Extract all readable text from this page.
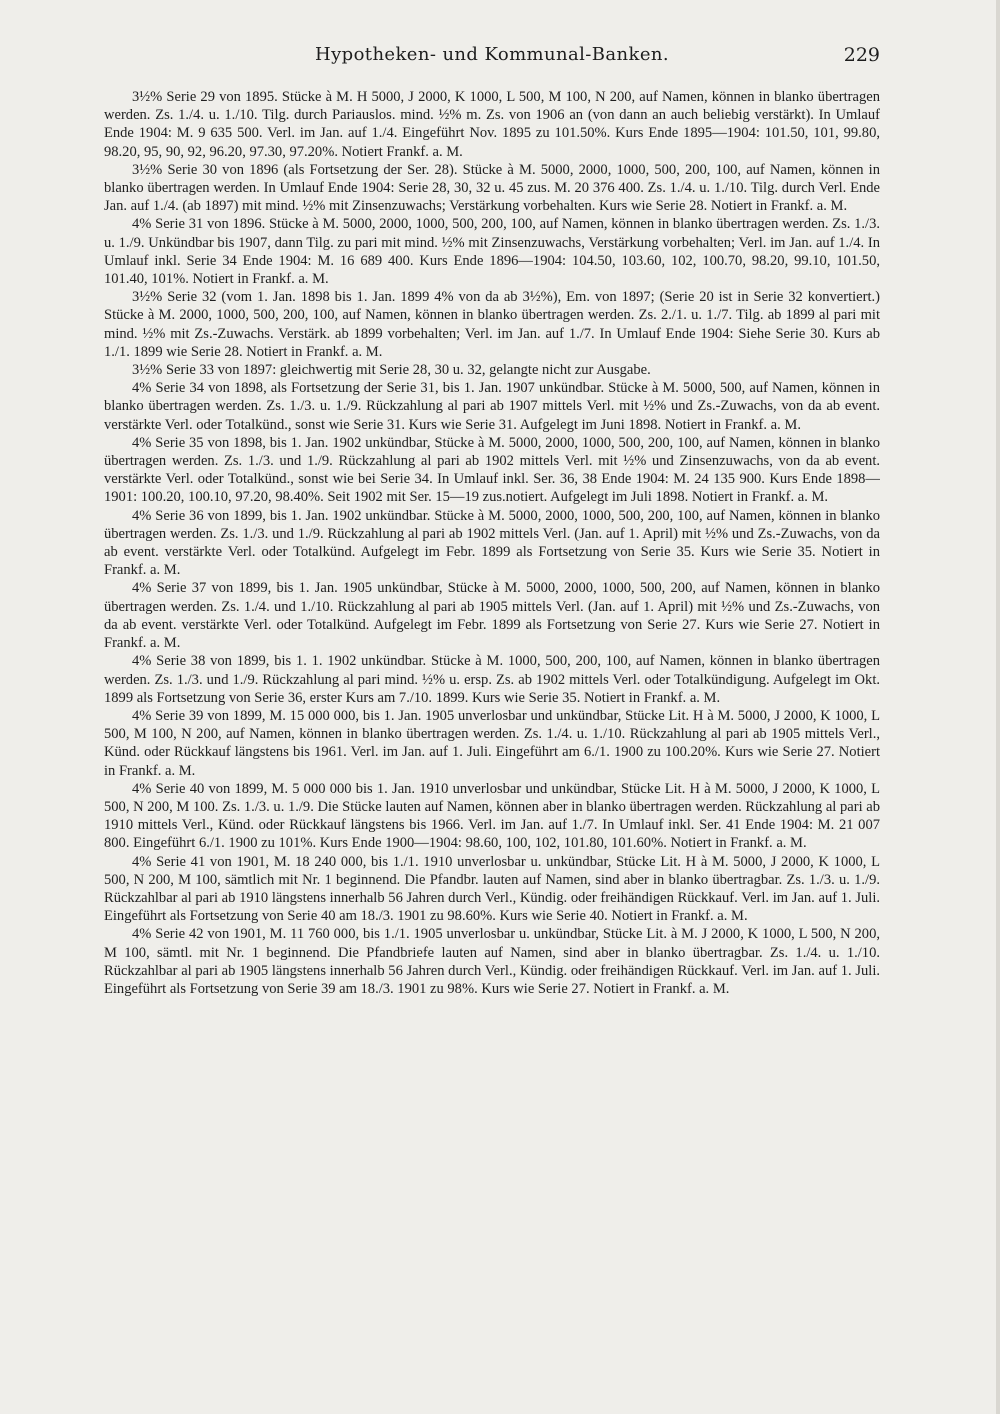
Hypotheken- und Kommunal-Banken.	229

3½% Serie 29 von 1895. Stücke à M. H 5000, J 2000, K 1000, L 500, M 100, N 200, auf Namen, können in blanko übertragen werden. Zs. 1./4. u. 1./10. Tilg. durch Pariauslos. mind. ½% m. Zs. von 1906 an (von dann an auch beliebig verstärkt). In Umlauf Ende 1904: M. 9 635 500. Verl. im Jan. auf 1./4. Eingeführt Nov. 1895 zu 101.50%. Kurs Ende 1895—1904: 101.50, 101, 99.80, 98.20, 95, 90, 92, 96.20, 97.30, 97.20%. Notiert Frankf. a. M.

3½% Serie 30 von 1896 (als Fortsetzung der Ser. 28). Stücke à M. 5000, 2000, 1000, 500, 200, 100, auf Namen, können in blanko übertragen werden. In Umlauf Ende 1904: Serie 28, 30, 32 u. 45 zus. M. 20 376 400. Zs. 1./4. u. 1./10. Tilg. durch Verl. Ende Jan. auf 1./4. (ab 1897) mit mind. ½% mit Zinsenzuwachs; Verstärkung vorbehalten. Kurs wie Serie 28. Notiert in Frankf. a. M.

4% Serie 31 von 1896. Stücke à M. 5000, 2000, 1000, 500, 200, 100, auf Namen, können in blanko übertragen werden. Zs. 1./3. u. 1./9. Unkündbar bis 1907, dann Tilg. zu pari mit mind. ½% mit Zinsenzuwachs, Verstärkung vorbehalten; Verl. im Jan. auf 1./4. In Umlauf inkl. Serie 34 Ende 1904: M. 16 689 400. Kurs Ende 1896—1904: 104.50, 103.60, 102, 100.70, 98.20, 99.10, 101.50, 101.40, 101%. Notiert in Frankf. a. M.

3½% Serie 32 (vom 1. Jan. 1898 bis 1. Jan. 1899 4% von da ab 3½%), Em. von 1897; (Serie 20 ist in Serie 32 konvertiert.) Stücke à M. 2000, 1000, 500, 200, 100, auf Namen, können in blanko übertragen werden. Zs. 2./1. u. 1./7. Tilg. ab 1899 al pari mit mind. ½% mit Zs.-Zuwachs. Verstärk. ab 1899 vorbehalten; Verl. im Jan. auf 1./7. In Umlauf Ende 1904: Siehe Serie 30. Kurs ab 1./1. 1899 wie Serie 28. Notiert in Frankf. a. M.

3½% Serie 33 von 1897: gleichwertig mit Serie 28, 30 u. 32, gelangte nicht zur Ausgabe.

4% Serie 34 von 1898, als Fortsetzung der Serie 31, bis 1. Jan. 1907 unkündbar. Stücke à M. 5000, 500, auf Namen, können in blanko übertragen werden. Zs. 1./3. u. 1./9. Rückzahlung al pari ab 1907 mittels Verl. mit ½% und Zs.-Zuwachs, von da ab event. verstärkte Verl. oder Totalkünd., sonst wie Serie 31. Kurs wie Serie 31. Aufgelegt im Juni 1898. Notiert in Frankf. a. M.

4% Serie 35 von 1898, bis 1. Jan. 1902 unkündbar, Stücke à M. 5000, 2000, 1000, 500, 200, 100, auf Namen, können in blanko übertragen werden. Zs. 1./3. und 1./9. Rückzahlung al pari ab 1902 mittels Verl. mit ½% und Zinsenzuwachs, von da ab event. verstärkte Verl. oder Totalkünd., sonst wie bei Serie 34. In Umlauf inkl. Ser. 36, 38 Ende 1904: M. 24 135 900. Kurs Ende 1898—1901: 100.20, 100.10, 97.20, 98.40%. Seit 1902 mit Ser. 15—19 zus.notiert. Aufgelegt im Juli 1898. Notiert in Frankf. a. M.

4% Serie 36 von 1899, bis 1. Jan. 1902 unkündbar. Stücke à M. 5000, 2000, 1000, 500, 200, 100, auf Namen, können in blanko übertragen werden. Zs. 1./3. und 1./9. Rückzahlung al pari ab 1902 mittels Verl. (Jan. auf 1. April) mit ½% und Zs.-Zuwachs, von da ab event. verstärkte Verl. oder Totalkünd. Aufgelegt im Febr. 1899 als Fortsetzung von Serie 35. Kurs wie Serie 35. Notiert in Frankf. a. M.

4% Serie 37 von 1899, bis 1. Jan. 1905 unkündbar, Stücke à M. 5000, 2000, 1000, 500, 200, auf Namen, können in blanko übertragen werden. Zs. 1./4. und 1./10. Rückzahlung al pari ab 1905 mittels Verl. (Jan. auf 1. April) mit ½% und Zs.-Zuwachs, von da ab event. verstärkte Verl. oder Totalkünd. Aufgelegt im Febr. 1899 als Fortsetzung von Serie 27. Kurs wie Serie 27. Notiert in Frankf. a. M.

4% Serie 38 von 1899, bis 1. 1. 1902 unkündbar. Stücke à M. 1000, 500, 200, 100, auf Namen, können in blanko übertragen werden. Zs. 1./3. und 1./9. Rückzahlung al pari mind. ½% u. ersp. Zs. ab 1902 mittels Verl. oder Totalkündigung. Aufgelegt im Okt. 1899 als Fortsetzung von Serie 36, erster Kurs am 7./10. 1899. Kurs wie Serie 35. Notiert in Frankf. a. M.

4% Serie 39 von 1899, M. 15 000 000, bis 1. Jan. 1905 unverlosbar und unkündbar, Stücke Lit. H à M. 5000, J 2000, K 1000, L 500, M 100, N 200, auf Namen, können in blanko übertragen werden. Zs. 1./4. u. 1./10. Rückzahlung al pari ab 1905 mittels Verl., Künd. oder Rückkauf längstens bis 1961. Verl. im Jan. auf 1. Juli. Eingeführt am 6./1. 1900 zu 100.20%. Kurs wie Serie 27. Notiert in Frankf. a. M.

4% Serie 40 von 1899, M. 5 000 000 bis 1. Jan. 1910 unverlosbar und unkündbar, Stücke Lit. H à M. 5000, J 2000, K 1000, L 500, N 200, M 100. Zs. 1./3. u. 1./9. Die Stücke lauten auf Namen, können aber in blanko übertragen werden. Rückzahlung al pari ab 1910 mittels Verl., Künd. oder Rückkauf längstens bis 1966. Verl. im Jan. auf 1./7. In Umlauf inkl. Ser. 41 Ende 1904: M. 21 007 800. Eingeführt 6./1. 1900 zu 101%. Kurs Ende 1900—1904: 98.60, 100, 102, 101.80, 101.60%. Notiert in Frankf. a. M.

4% Serie 41 von 1901, M. 18 240 000, bis 1./1. 1910 unverlosbar u. unkündbar, Stücke Lit. H à M. 5000, J 2000, K 1000, L 500, N 200, M 100, sämtlich mit Nr. 1 beginnend. Die Pfandbr. lauten auf Namen, sind aber in blanko übertragbar. Zs. 1./3. u. 1./9. Rückzahlbar al pari ab 1910 längstens innerhalb 56 Jahren durch Verl., Kündig. oder freihändigen Rückkauf. Verl. im Jan. auf 1. Juli. Eingeführt als Fortsetzung von Serie 40 am 18./3. 1901 zu 98.60%. Kurs wie Serie 40. Notiert in Frankf. a. M.

4% Serie 42 von 1901, M. 11 760 000, bis 1./1. 1905 unverlosbar u. unkündbar, Stücke Lit. à M. J 2000, K 1000, L 500, N 200, M 100, sämtl. mit Nr. 1 beginnend. Die Pfandbriefe lauten auf Namen, sind aber in blanko übertragbar. Zs. 1./4. u. 1./10. Rückzahlbar al pari ab 1905 längstens innerhalb 56 Jahren durch Verl., Kündig. oder freihändigen Rückkauf. Verl. im Jan. auf 1. Juli. Eingeführt als Fortsetzung von Serie 39 am 18./3. 1901 zu 98%. Kurs wie Serie 27. Notiert in Frankf. a. M.
